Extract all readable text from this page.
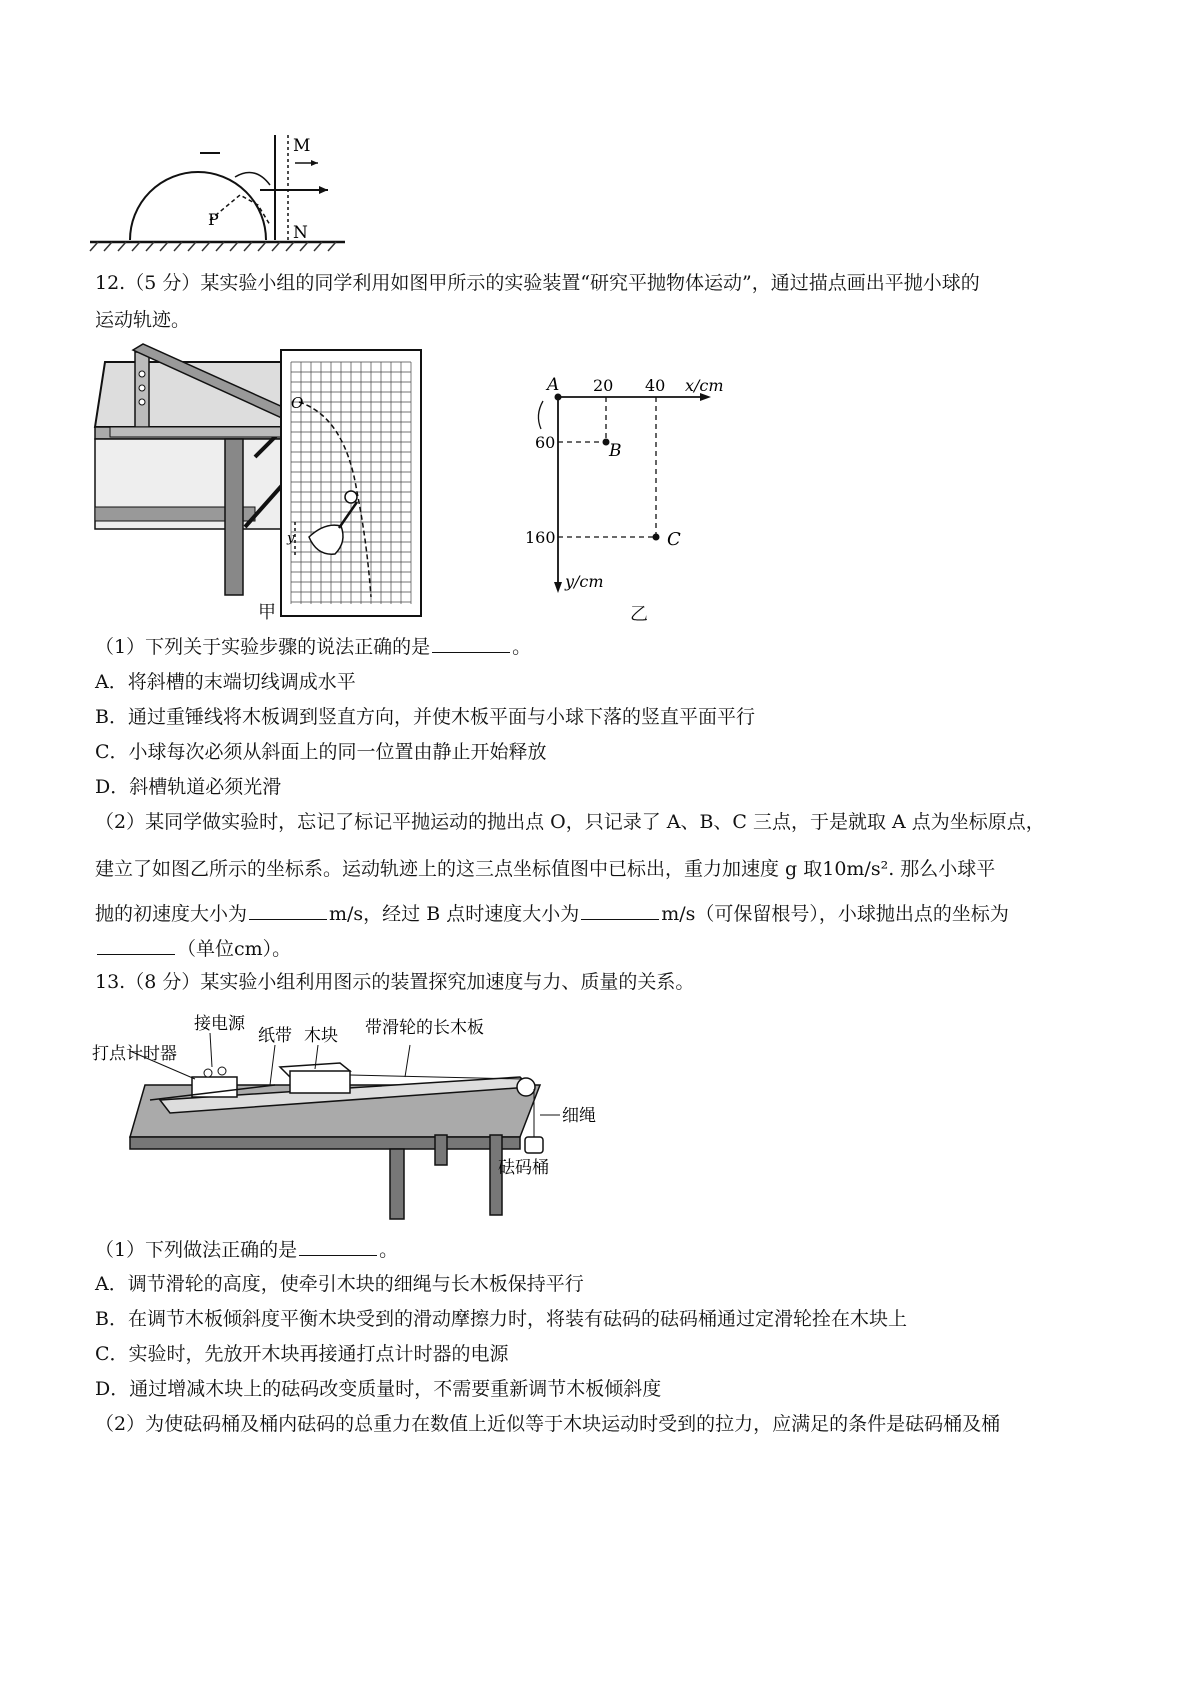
M
N
P
12.（5 分）某实验小组的同学利用如图甲所示的实验装置“研究平抛物体运动”，通过描点画出平抛小球的
运动轨迹。
O
y
甲
A 20 40 x/cm
60
160
y/cm
B
C
乙
（1）下列关于实验步骤的说法正确的是	。
A．将斜槽的末端切线调成水平
B．通过重锤线将木板调到竖直方向，并使木板平面与小球下落的竖直平面平行
C．小球每次必须从斜面上的同一位置由静止开始释放
D．斜槽轨道必须光滑
（2）某同学做实验时，忘记了标记平抛运动的抛出点 O，只记录了 A、B、C 三点，于是就取 A 点为坐标原点，
建立了如图乙所示的坐标系。运动轨迹上的这三点坐标值图中已标出，重力加速度 g 取10m/s². 那么小球平
抛的初速度大小为	m/s，经过 B 点时速度大小为	m/s（可保留根号），小球抛出点的坐标为
（单位cm）。
13.（8 分）某实验小组利用图示的装置探究加速度与力、质量的关系。
接电源
打点计时器
纸带 木块 带滑轮的长木板
细绳
砝码桶
（1）下列做法正确的是	。
A．调节滑轮的高度，使牵引木块的细绳与长木板保持平行
B．在调节木板倾斜度平衡木块受到的滑动摩擦力时，将装有砝码的砝码桶通过定滑轮拴在木块上
C．实验时，先放开木块再接通打点计时器的电源
D．通过增减木块上的砝码改变质量时，不需要重新调节木板倾斜度
（2）为使砝码桶及桶内砝码的总重力在数值上近似等于木块运动时受到的拉力，应满足的条件是砝码桶及桶
